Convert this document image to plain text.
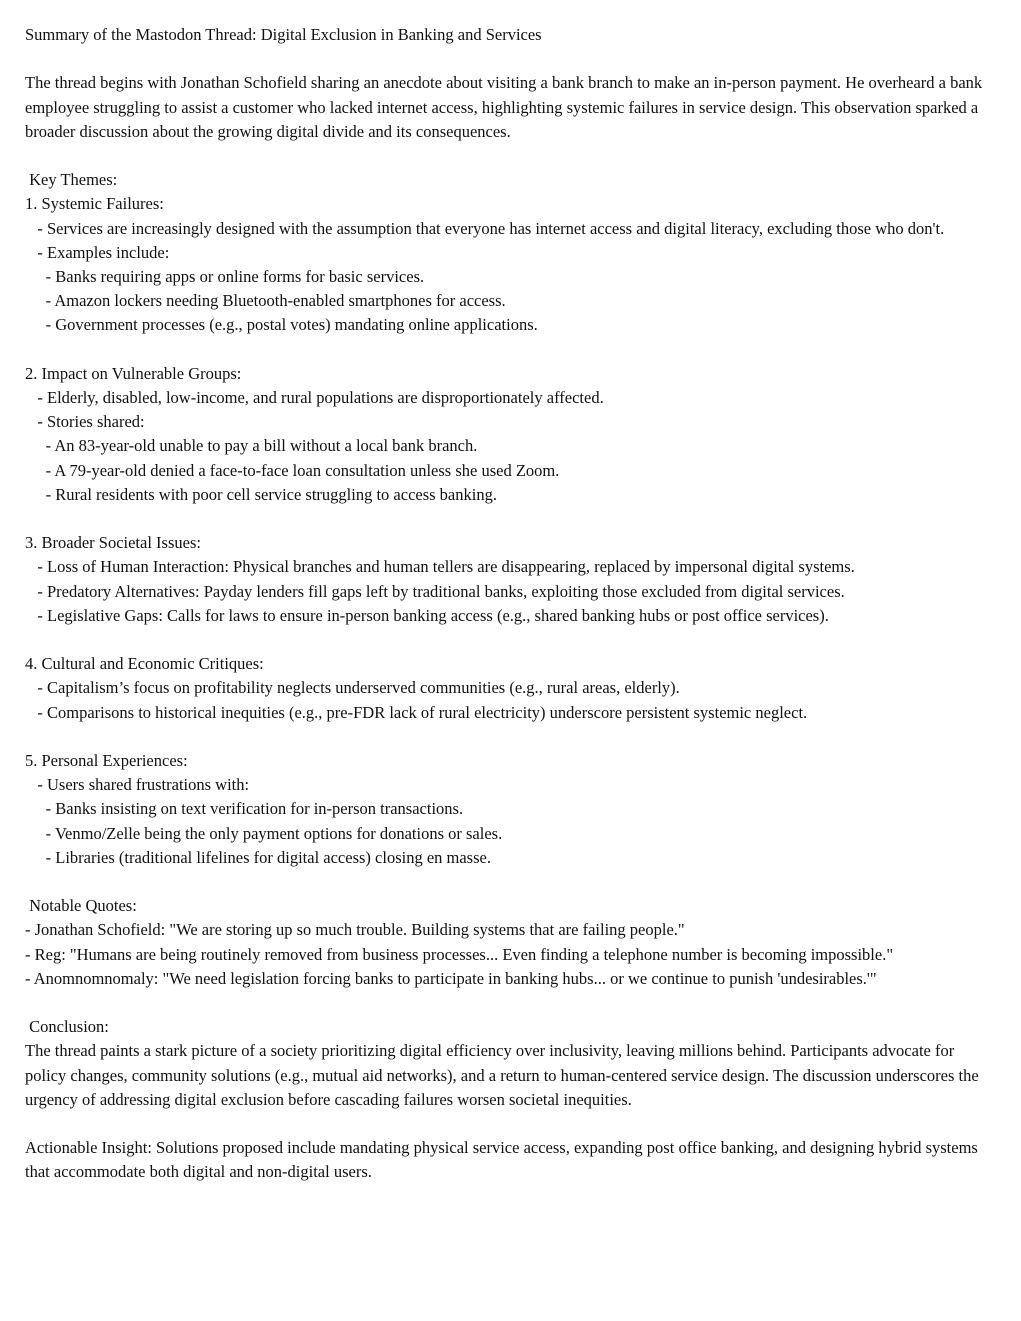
Summary of the Mastodon Thread: Digital Exclusion in Banking and Services
The thread begins with Jonathan Schofield sharing an anecdote about visiting a bank branch to make an in-person payment. He overheard a bank employee struggling to assist a customer who lacked internet access, highlighting systemic failures in service design. This observation sparked a broader discussion about the growing digital divide and its consequences.
Key Themes:
1. Systemic Failures:
- Services are increasingly designed with the assumption that everyone has internet access and digital literacy, excluding those who don't.
- Examples include:
- Banks requiring apps or online forms for basic services.
- Amazon lockers needing Bluetooth-enabled smartphones for access.
- Government processes (e.g., postal votes) mandating online applications.
2. Impact on Vulnerable Groups:
- Elderly, disabled, low-income, and rural populations are disproportionately affected.
- Stories shared:
- An 83-year-old unable to pay a bill without a local bank branch.
- A 79-year-old denied a face-to-face loan consultation unless she used Zoom.
- Rural residents with poor cell service struggling to access banking.
3. Broader Societal Issues:
- Loss of Human Interaction: Physical branches and human tellers are disappearing, replaced by impersonal digital systems.
- Predatory Alternatives: Payday lenders fill gaps left by traditional banks, exploiting those excluded from digital services.
- Legislative Gaps: Calls for laws to ensure in-person banking access (e.g., shared banking hubs or post office services).
4. Cultural and Economic Critiques:
- Capitalism’s focus on profitability neglects underserved communities (e.g., rural areas, elderly).
- Comparisons to historical inequities (e.g., pre-FDR lack of rural electricity) underscore persistent systemic neglect.
5. Personal Experiences:
- Users shared frustrations with:
- Banks insisting on text verification for in-person transactions.
- Venmo/Zelle being the only payment options for donations or sales.
- Libraries (traditional lifelines for digital access) closing en masse.
Notable Quotes:
- Jonathan Schofield: "We are storing up so much trouble. Building systems that are failing people."
- Reg: "Humans are being routinely removed from business processes... Even finding a telephone number is becoming impossible."
- Anomnomnomaly: "We need legislation forcing banks to participate in banking hubs... or we continue to punish 'undesirables.'"
Conclusion:
The thread paints a stark picture of a society prioritizing digital efficiency over inclusivity, leaving millions behind. Participants advocate for policy changes, community solutions (e.g., mutual aid networks), and a return to human-centered service design. The discussion underscores the urgency of addressing digital exclusion before cascading failures worsen societal inequities.
Actionable Insight: Solutions proposed include mandating physical service access, expanding post office banking, and designing hybrid systems that accommodate both digital and non-digital users.
